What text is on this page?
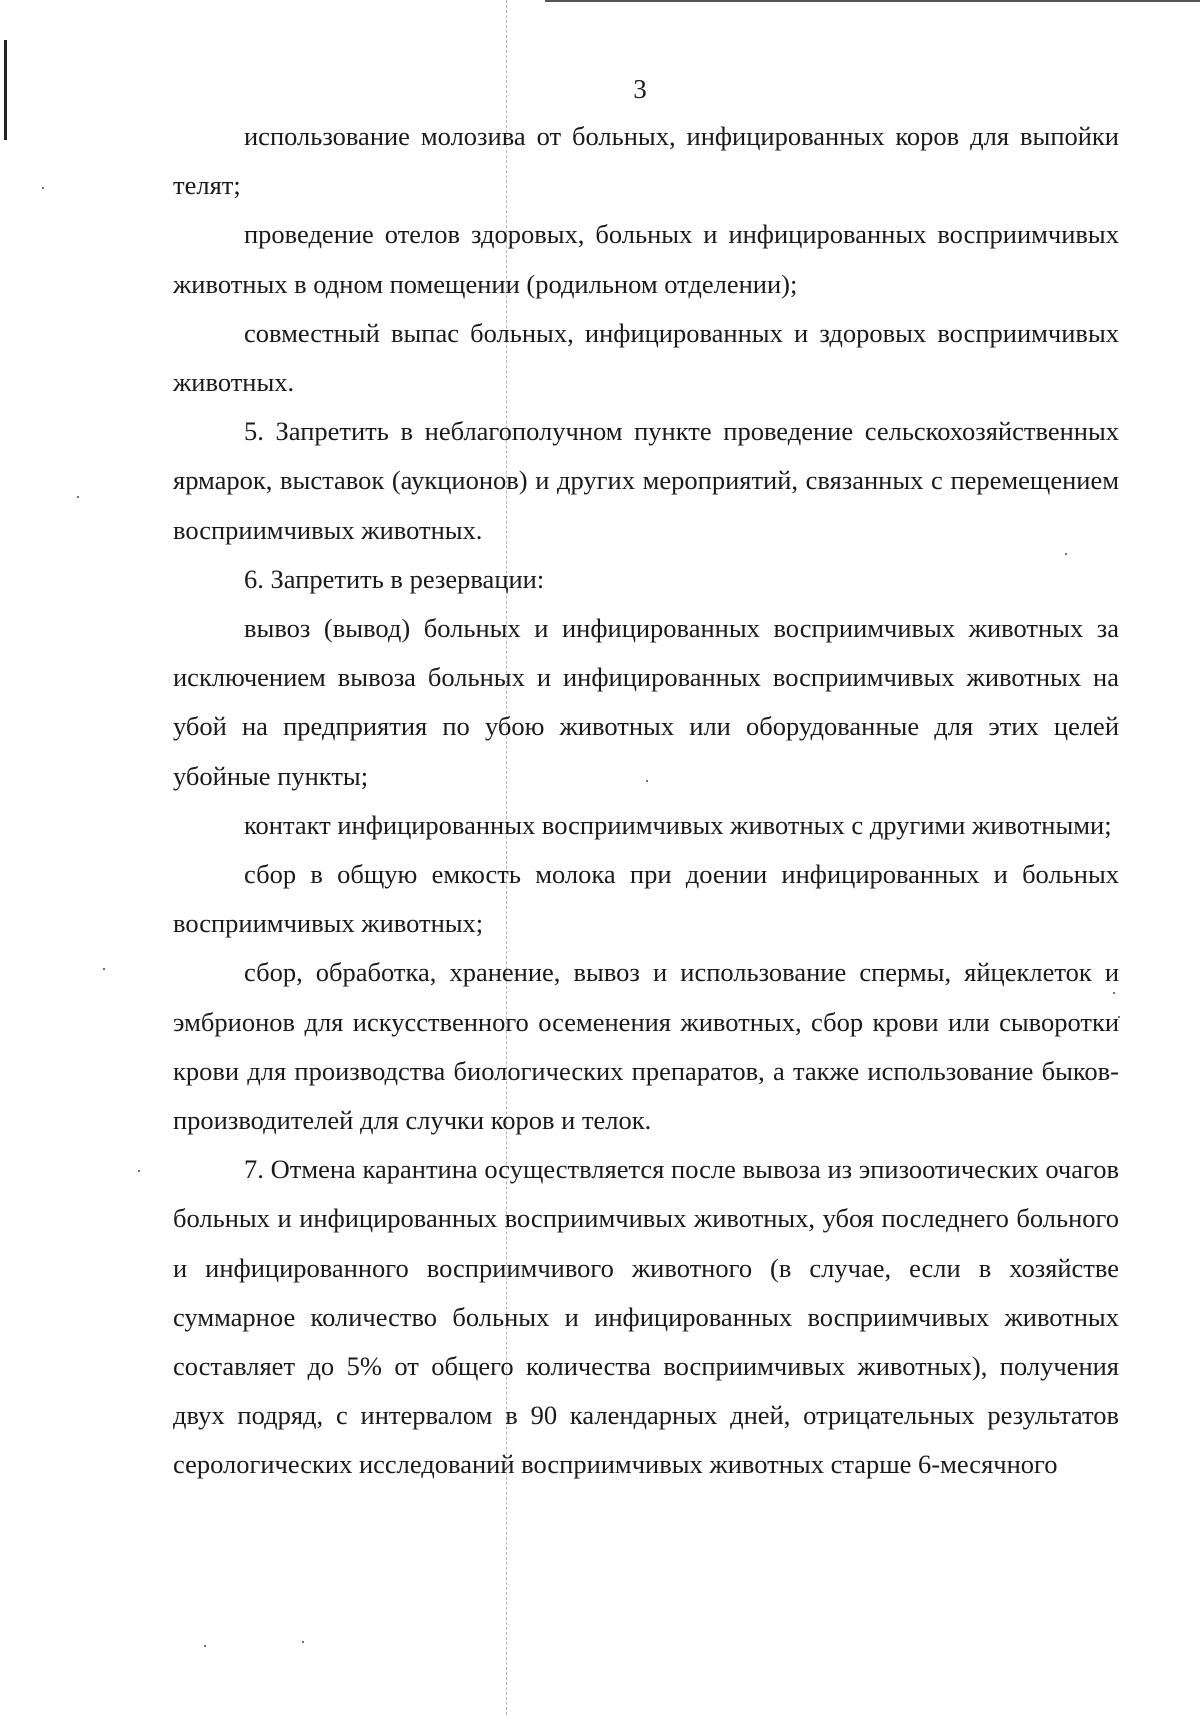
3

использование молозива от больных, инфицированных коров для выпойки телят;

проведение отелов здоровых, больных и инфицированных восприимчивых животных в одном помещении (родильном отделении);

совместный выпас больных, инфицированных и здоровых восприимчивых животных.

5. Запретить в неблагополучном пункте проведение сельскохозяйственных ярмарок, выставок (аукционов) и других мероприятий, связанных с перемещением восприимчивых животных.

6. Запретить в резервации:

вывоз (вывод) больных и инфицированных восприимчивых животных за исключением вывоза больных и инфицированных восприимчивых животных на убой на предприятия по убою животных или оборудованные для этих целей убойные пункты;

контакт инфицированных восприимчивых животных с другими животными;

сбор в общую емкость молока при доении инфицированных и больных восприимчивых животных;

сбор, обработка, хранение, вывоз и использование спермы, яйцеклеток и эмбрионов для искусственного осеменения животных, сбор крови или сыворотки крови для производства биологических препаратов, а также использование быков-производителей для случки коров и телок.

7. Отмена карантина осуществляется после вывоза из эпизоотических очагов больных и инфицированных восприимчивых животных, убоя последнего больного и инфицированного восприимчивого животного (в случае, если в хозяйстве суммарное количество больных и инфицированных восприимчивых животных составляет до 5% от общего количества восприимчивых животных), получения двух подряд, с интервалом в 90 календарных дней, отрицательных результатов серологических исследований восприимчивых животных старше 6-месячного
